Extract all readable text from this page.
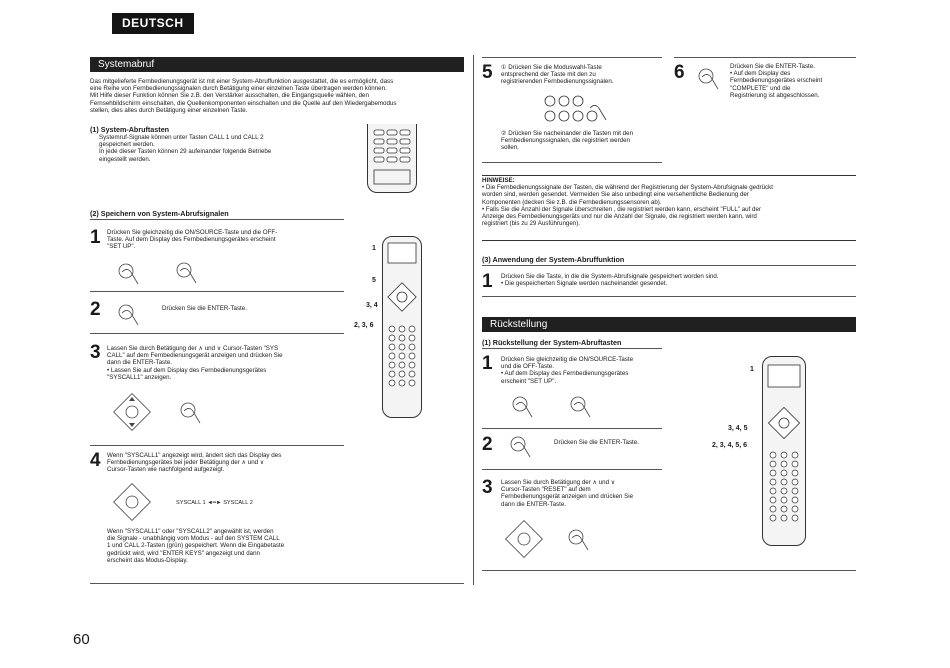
DEUTSCH
Systemabruf
Das mitgelieferte Fernbedienungsgerät ist mit einer System-Abruffunktion ausgestattet, die es ermöglicht, dass
eine Reihe von Fernbedienungssignalen durch Betätigung einer einzelnen Taste übertragen werden können.
Mit Hilfe dieser Funktion können Sie z.B. den Verstärker ausschalten, die Eingangsquelle wählen, den
Fernsehbildschirm einschalten, die Quellenkomponenten einschalten und die Quelle auf den Wiedergabemodus
stellen, dies alles durch Betätigung einer einzelnen Taste.
(1) System-Abruftasten
Systemruf-Signale können unter Tasten CALL 1 und CALL 2
gespeichert werden.
In jede dieser Tasten können 29 aufeinander folgende Betriebe
eingestellt werden.
(2) Speichern von System-Abrufsignalen
1 Drücken Sie gleichzeitig die ON/SOURCE-Taste und die OFF-
Taste. Auf dem Display des Fernbedienungsgerätes erscheint
"SET UP".
2	Drücken Sie die ENTER-Taste.
3 Lassen Sie durch Betätigung der ∧ und ∨ Cursor-Tasten "SYS
CALL" auf dem Fernbedienungsgerät anzeigen und drücken Sie
dann die ENTER-Taste.
• Lassen Sie auf dem Display des Fernbedienungsgerätes
"SYSCALL1" anzeigen.
4 Wenn "SYSCALL1" angezeigt wird, ändert sich das Display des
Fernbedienungsgerätes bei jeder Betätigung der ∧ und ∨
Cursor-Tasten wie nachfolgend aufgezeigt.
SYSCALL 1 ◄━► SYSCALL 2
Wenn "SYSCALL1" oder "SYSCALL2" angewählt ist, werden
die Signale - unabhängig vom Modus - auf den SYSTEM CALL
1 und CALL 2-Tasten (grün) gespeichert. Wenn die Eingabetaste
gedrückt wird, wird "ENTER KEYS" angezeigt und dann
erscheint das Modus-Display.
1
5
3, 4
2, 3, 6
5 ① Drücken Sie die Moduswahl-Taste
entsprechend der Taste mit den zu
registrierenden Fernbedienungssignalen.
② Drücken Sie nacheinander die Tasten mit den
Fernbedienungssignalen, die registriert werden
sollen.
6	Drücken Sie die ENTER-Taste.
• Auf dem Display des
Fernbedienungsgerätes erscheint
"COMPLETE" und die
Registrierung ist abgeschlossen.
HINWEISE:
• Die Fernbedienungssignale der Tasten, die während der Registrierung der System-Abrufsignale gedrückt
worden sind, werden gesendet. Vermeiden Sie also unbedingt eine versehentliche Bedienung der
Komponenten (decken Sie z.B. die Fernbedienungssensoren ab).
• Falls Sie die Anzahl der Signale überschreiten , die registriert werden kann, erscheint "FULL" auf der
Anzeige des Fernbedienungsgeräts und nur die Anzahl der Signale, die registriert werden kann, wird
registriert (bis zu 29 Ausführungen).
(3) Anwendung der System-Abruffunktion
1 Drücken Sie die Taste, in die die System-Abrufsignale gespeichert worden sind.
• Die gespeicherten Signale werden nacheinander gesendet.
Rückstellung
(1) Rückstellung der System-Abruftasten
1 Drücken Sie gleichzeitig die ON/SOURCE-Taste
und die OFF-Taste.
• Auf dem Display des Fernbedienungsgerätes
erscheint "SET UP".
2	Drücken Sie die ENTER-Taste.
3 Lassen Sie durch Betätigung der ∧ und ∨
Cursor-Tasten "RESET" auf dem
Fernbedienungsgerät anzeigen und drücken Sie
dann die ENTER-Taste.
1
3, 4, 5
2, 3, 4, 5, 6
60
